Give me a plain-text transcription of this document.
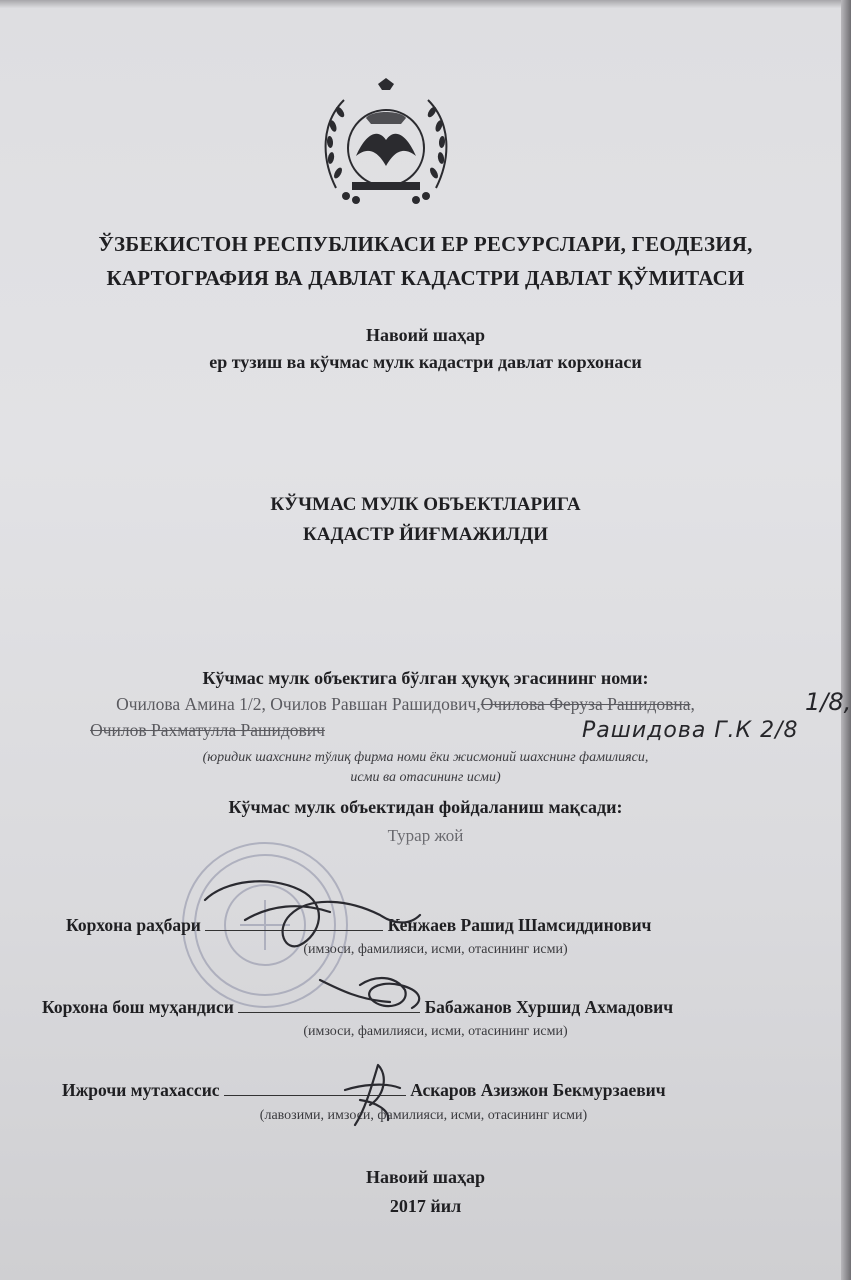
ЎЗБЕКИСТОН РЕСПУБЛИКАСИ ЕР РЕСУРСЛАРИ, ГЕОДЕЗИЯ,
КАРТОГРАФИЯ ВА ДАВЛАТ КАДАСТРИ ДАВЛАТ ҚЎМИТАСИ
Навоий шаҳар
ер тузиш ва кўчмас мулк кадастри давлат корхонаси
КЎЧМАС МУЛК ОБЪЕКТЛАРИГА
КАДАСТР ЙИҒМАЖИЛДИ
Кўчмас мулк объектига бўлган ҳуқуқ эгасининг номи:
Очилова Амина 1/2, Очилов Равшан Рашидович,Очилова Феруза Рашидовна,	1/8,
Очилов Рахматулла Рашидович	Рашидова Г.К 2/8
(юридик шахснинг тўлиқ фирма номи ёки жисмоний шахснинг фамилияси,
исми ва отасининг исми)
Кўчмас мулк объектидан фойдаланиш мақсади:
Турар жой
Корхона раҳбари	Кенжаев Рашид Шамсиддинович
(имзоси, фамилияси, исми, отасининг исми)
Корхона бош муҳандиси	Бабажанов Хуршид Ахмадович
(имзоси, фамилияси, исми, отасининг исми)
Ижрочи мутахассис	Аскаров Азизжон Бекмурзаевич
(лавозими, имзоси, фамилияси, исми, отасининг исми)
Навоий шаҳар
2017 йил
